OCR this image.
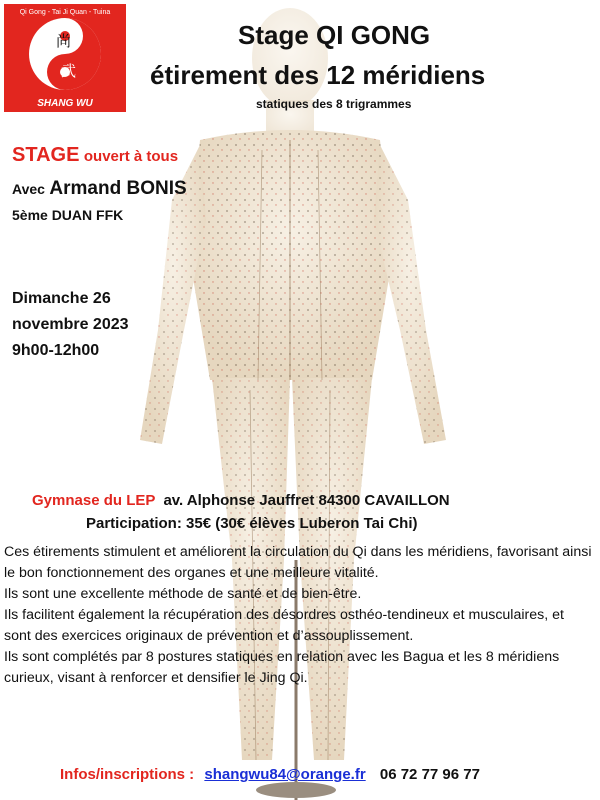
尚
武
Qi Gong - Tai Ji Quan - Tuina
SHANG WU
Stage QI GONG
étirement des 12 méridiens
statiques des 8 trigrammes
STAGE ouvert à tous
Avec Armand BONIS
5ème DUAN FFK
Dimanche 26
novembre 2023
9h00-12h00
Gymnase du LEP av. Alphonse Jauffret 84300 CAVAILLON
Participation: 35€ (30€ élèves Luberon Tai Chi)

Ces étirements stimulent et améliorent la circulation du Qi dans les méridiens, favorisant ainsi le bon fonctionnement des organes et une meilleure vitalité.

Ils sont une excellente méthode de santé et de bien-être.

Ils facilitent également la récupération des désordres osthéo-tendineux et musculaires, et sont des exercices originaux de prévention et d’assouplissement.

Ils sont complétés par 8 postures statiques en relation avec les Bagua et les 8 méridiens curieux, visant à renforcer et densifier le Jing Qi.

Infos/inscriptions : shangwu84@orange.fr 06 72 77 96 77
